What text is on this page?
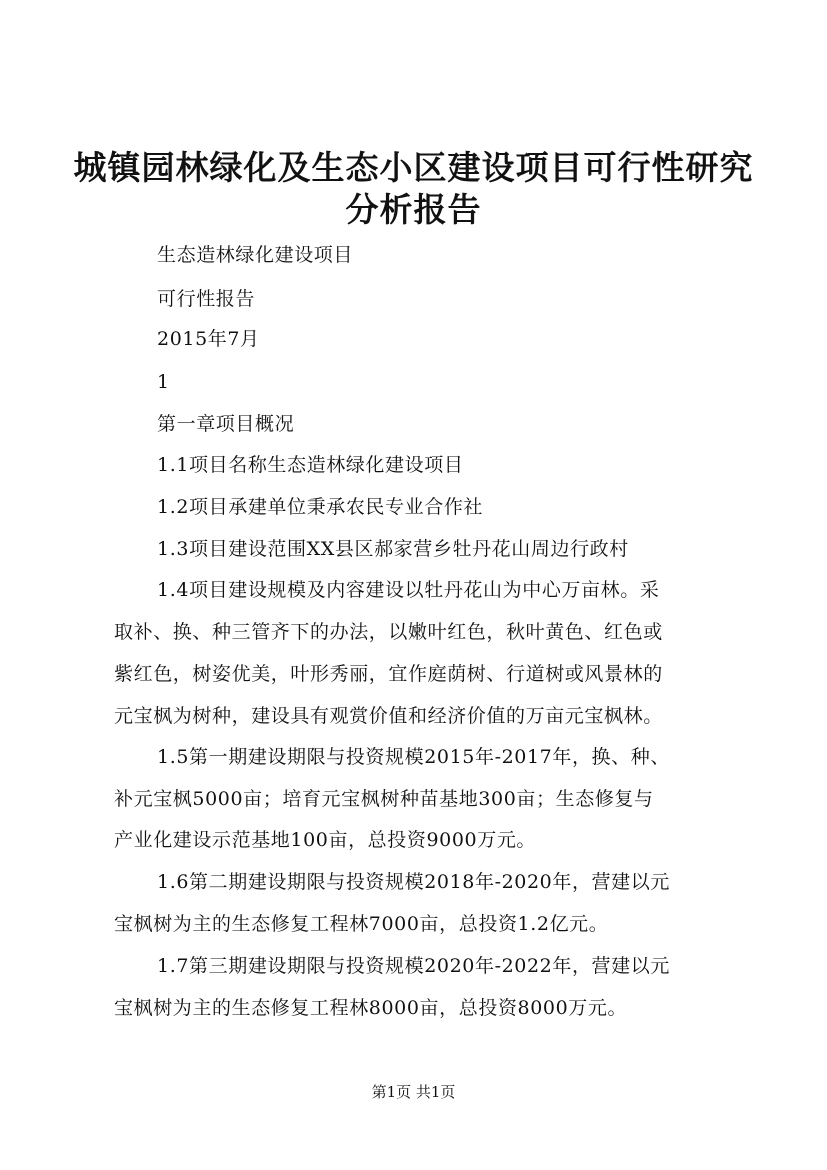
城镇园林绿化及生态小区建设项目可行性研究
分析报告
生态造林绿化建设项目
可行性报告
2015年7月
1
第一章项目概况
1.1项目名称生态造林绿化建设项目
1.2项目承建单位秉承农民专业合作社
1.3项目建设范围XX县区郝家营乡牡丹花山周边行政村
1.4项目建设规模及内容建设以牡丹花山为中心万亩林。采
取补、换、种三管齐下的办法，以嫩叶红色，秋叶黄色、红色或
紫红色，树姿优美，叶形秀丽，宜作庭荫树、行道树或风景林的
元宝枫为树种，建设具有观赏价值和经济价值的万亩元宝枫林。
1.5第一期建设期限与投资规模2015年-2017年，换、种、
补元宝枫5000亩；培育元宝枫树种苗基地300亩；生态修复与
产业化建设示范基地100亩，总投资9000万元。
1.6第二期建设期限与投资规模2018年-2020年，营建以元
宝枫树为主的生态修复工程林7000亩，总投资1.2亿元。
1.7第三期建设期限与投资规模2020年-2022年，营建以元
宝枫树为主的生态修复工程林8000亩，总投资8000万元。
第1页 共1页
